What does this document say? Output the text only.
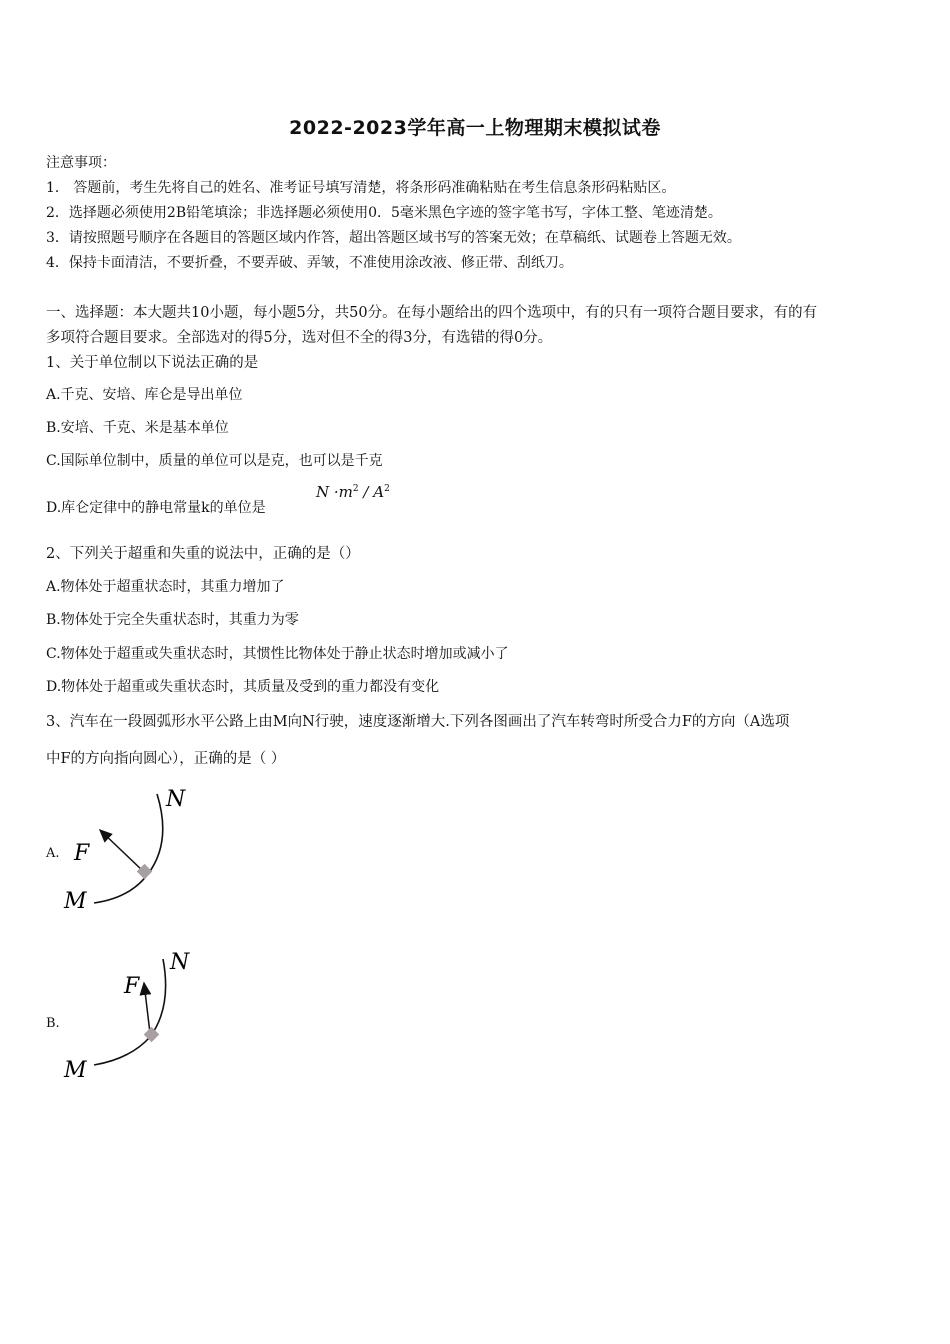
2022-2023学年高一上物理期末模拟试卷
注意事项：
1． 答题前，考生先将自己的姓名、准考证号填写清楚，将条形码准确粘贴在考生信息条形码粘贴区。
2．选择题必须使用2B铅笔填涂；非选择题必须使用0．5毫米黑色字迹的签字笔书写，字体工整、笔迹清楚。
3．请按照题号顺序在各题目的答题区域内作答，超出答题区域书写的答案无效；在草稿纸、试题卷上答题无效。
4．保持卡面清洁，不要折叠，不要弄破、弄皱，不准使用涂改液、修正带、刮纸刀。
一、选择题：本大题共10小题，每小题5分，共50分。在每小题给出的四个选项中，有的只有一项符合题目要求，有的有
多项符合题目要求。全部选对的得5分，选对但不全的得3分，有选错的得0分。
1、关于单位制以下说法正确的是
A.千克、安培、库仑是导出单位
B.安培、千克、米是基本单位
C.国际单位制中，质量的单位可以是克，也可以是千克
D.库仑定律中的静电常量k的单位是
$N \cdot m^2 / A^2$
2、下列关于超重和失重的说法中，正确的是（）
A.物体处于超重状态时，其重力增加了
B.物体处于完全失重状态时，其重力为零
C.物体处于超重或失重状态时，其惯性比物体处于静止状态时增加或减小了
D.物体处于超重或失重状态时，其质量及受到的重力都没有变化
3、汽车在一段圆弧形水平公路上由M向N行驶，速度逐渐增大.下列各图画出了汽车转弯时所受合力F的方向（A选项
中F的方向指向圆心），正确的是（ ）
A.
M
N
F
B.
M
N
F
